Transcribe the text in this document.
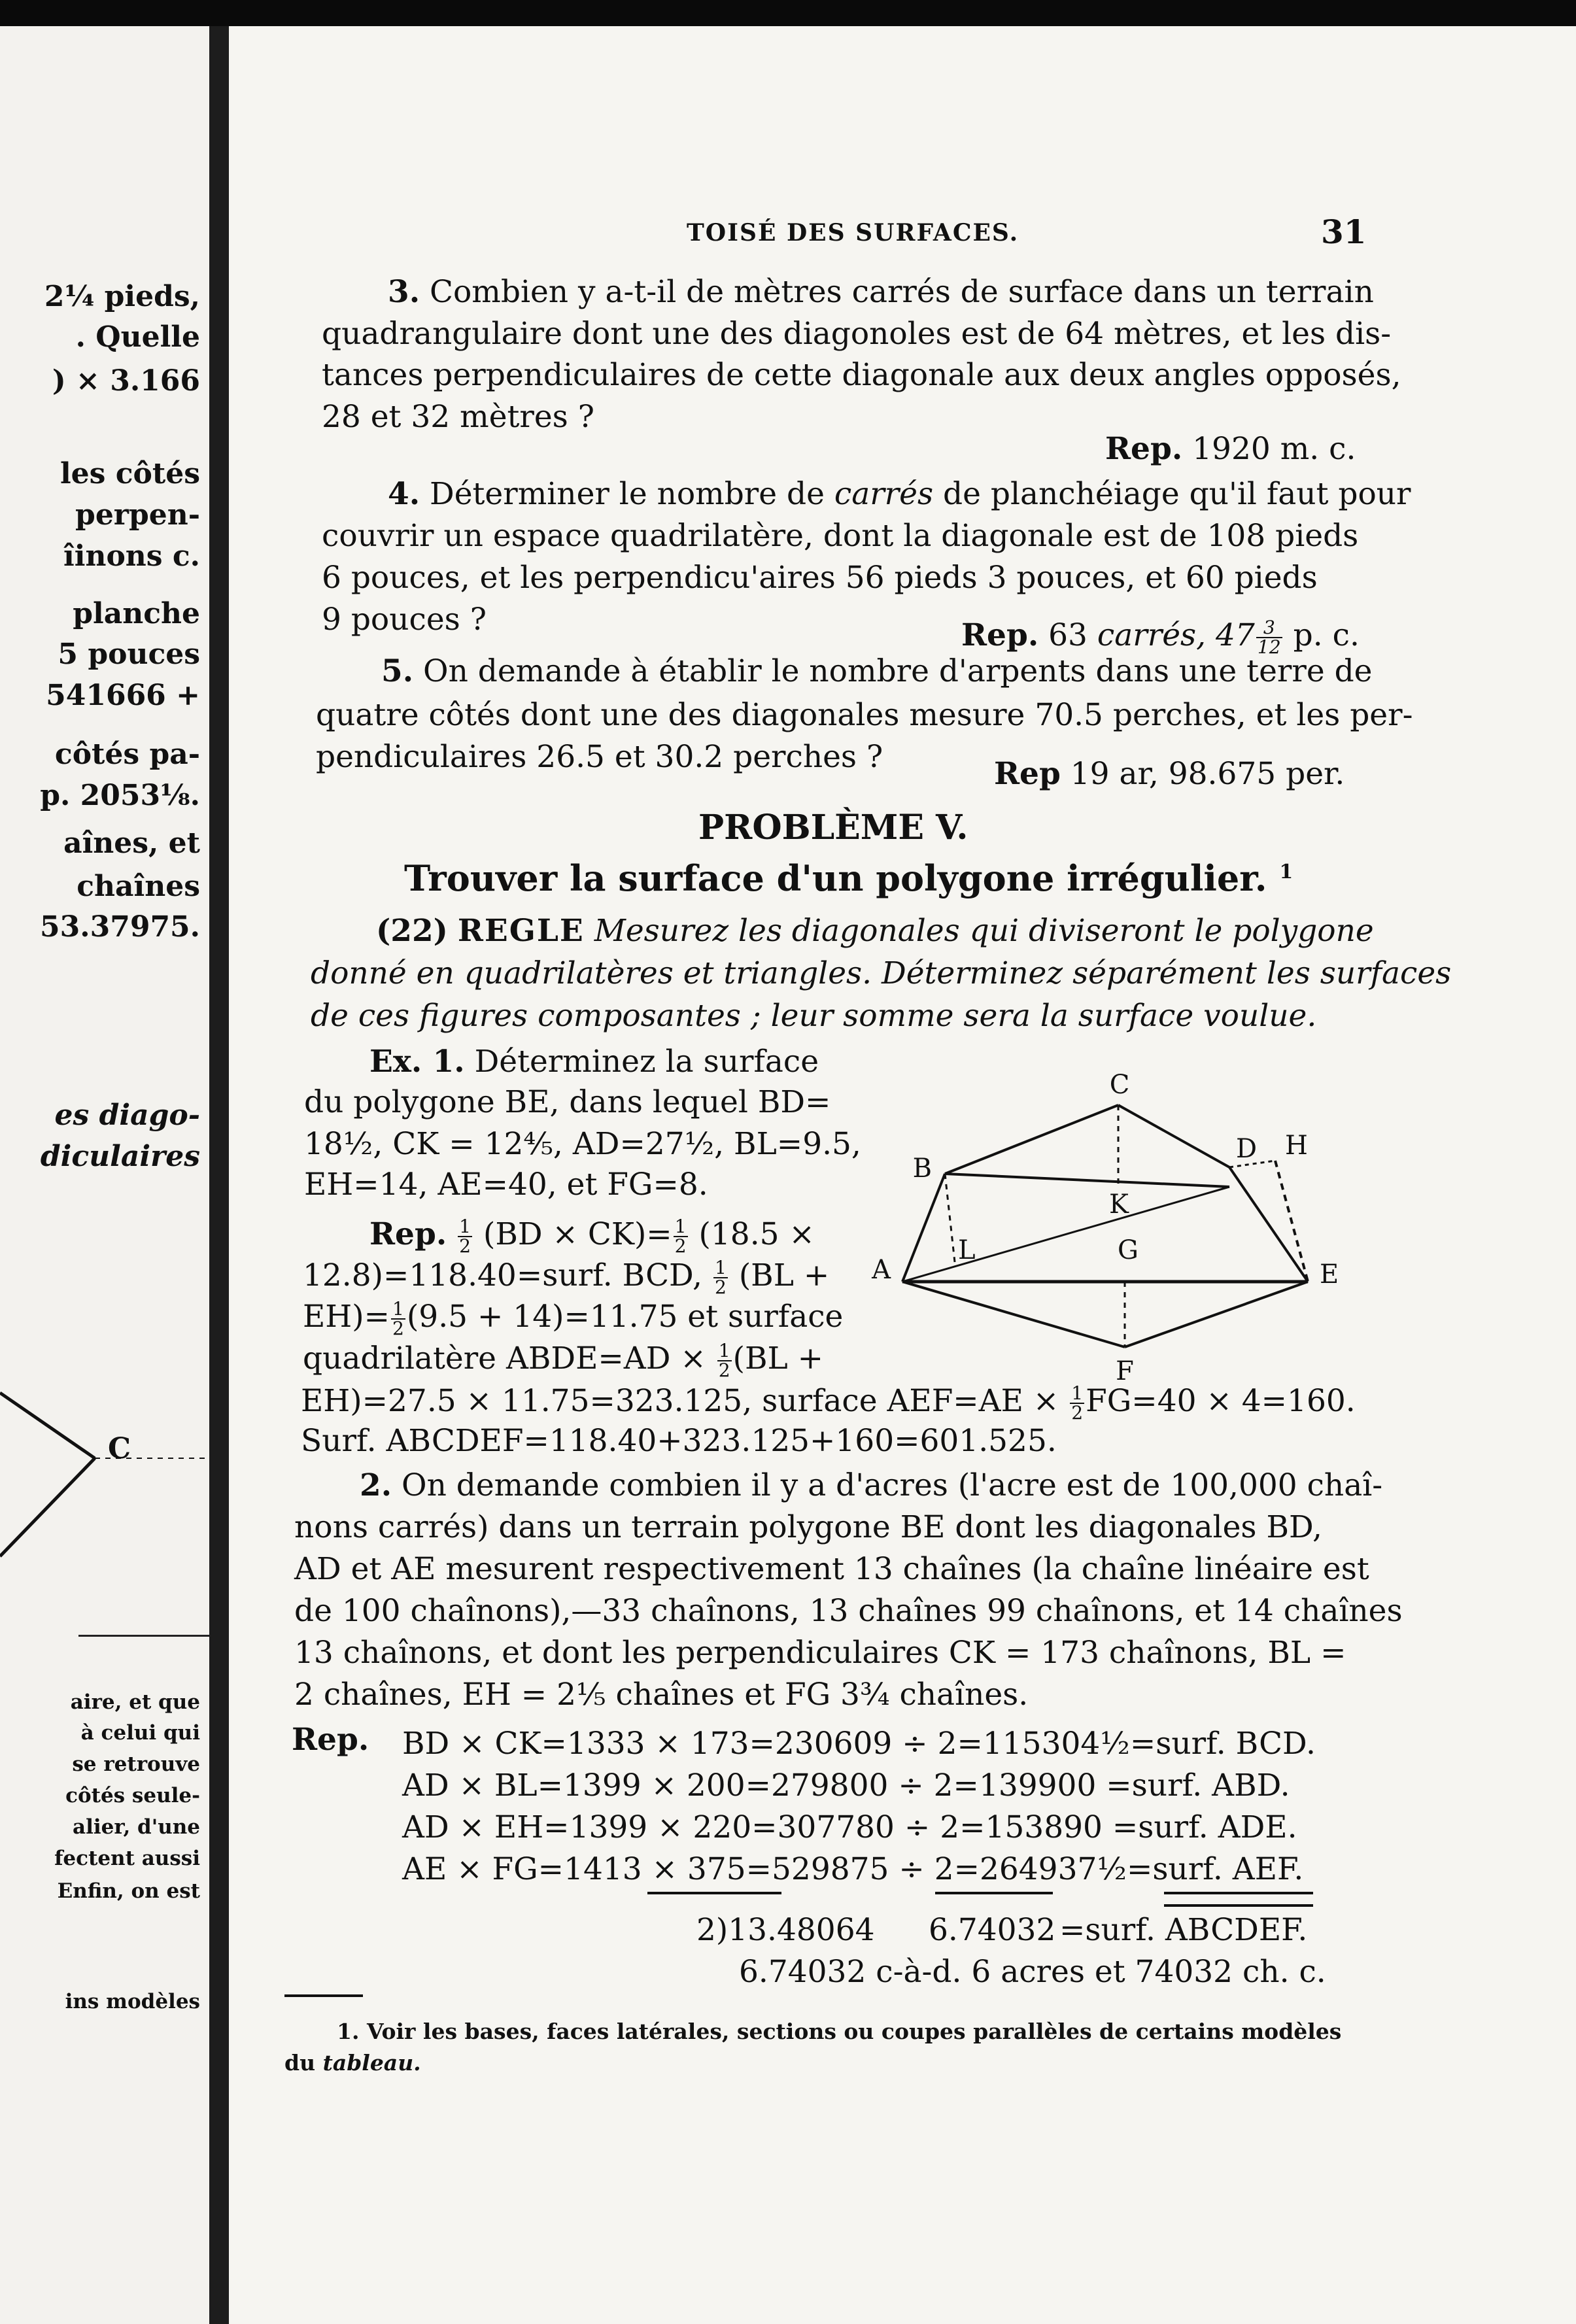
2¼ pieds,
. Quelle
) × 3.166
les côtés
perpen-
îinons c.
planche
5 pouces
541666 +
côtés pa-
p. 2053⅛.
aînes, et
chaînes
53.37975.
es diago-
diculaires
C
aire, et que
à celui qui
se retrouve
côtés seule-
alier, d'une
fectent aussi
Enfin, on est
ins modèles
TOISÉ DES SURFACES.	31
3. Combien y a-t-il de mètres carrés de surface dans un terrain
quadrangulaire dont une des diagonoles est de 64 mètres, et les dis-
tances perpendiculaires de cette diagonale aux deux angles opposés,
28 et 32 mètres ?
Rep. 1920 m. c.
4. Déterminer le nombre de carrés de planchéiage qu'il faut pour
couvrir un espace quadrilatère, dont la diagonale est de 108 pieds
6 pouces, et les perpendicu'aires 56 pieds 3 pouces, et 60 pieds
9 pouces ?	Rep. 63 carrés, $47 \frac{3}{12} p$. c.
5. On demande à établir le nombre d'arpents dans une terre de
quatre côtés dont une des diagonales mesure 70.5 perches, et les per-
pendiculaires 26.5 et 30.2 perches ?	Rep 19 ar, 98.675 per.
PROBLÈME V.
Trouver la surface d'un polygone irrégulier. $^1$
(22) REGLE Mesurez les diagonales qui diviseront le polygone
donné en quadrilatères et triangles. Déterminez séparément les surfaces
de ces figures composantes ; leur somme sera la surface voulue.
Ex. 1. Déterminez la surface
du polygone BE, dans lequel BD=
18½, CK = 12⅘, AD=27½, BL=9.5,
EH=14, AE=40, et FG=8.
Rep. $\frac{1}{2} (BD \times CK)= \frac{1}{2} (18.5$ ×
12.8)=118.40=surf. BCD, $\frac{1}{2} (BL$ +
$EH)= \frac{1}{2} (9.5 + 14)=11.75$ et surface
quadrilatère ABDE=AD × $\frac{1}{2} (BL$ +
EH)=27.5 × 11.75=323.125, surface $AEF=AE \times \frac{1}{2} FG=40 \times 4=160$.
Surf. ABCDEF=118.40+323.125+160=601.525.
A
B
C
D
E
F
G
H
K
L
2. On demande combien il y a d'acres (l'acre est de 100,000 chaî-
nons carrés) dans un terrain polygone BE dont les diagonales BD,
AD et AE mesurent respectivement 13 chaînes (la chaîne linéaire est
de 100 chaînons),—33 chaînons, 13 chaînes 99 chaînons, et 14 chaînes
13 chaînons, et dont les perpendiculaires CK = 173 chaînons, BL =
2 chaînes, EH = 2⅕ chaînes et FG 3¾ chaînes.
Rep. BD × CK=1333 × 173=230609 ÷ 2=115304½=surf. BCD.
AD × BL=1399 × 200=279800 ÷ 2=139900 =surf. ABD.
AD × EH=1399 × 220=307780 ÷ 2=153890 =surf. ADE.
AE × FG=1413 × 375=529875 ÷ 2=264937½=surf. AEF.
2)13.48064 6.74032 =surf. ABCDEF.
6.74032 c-à-d. 6 acres et 74032 ch. c.
1. Voir les bases, faces latérales, sections ou coupes parallèles de certains modèles
du tableau.
